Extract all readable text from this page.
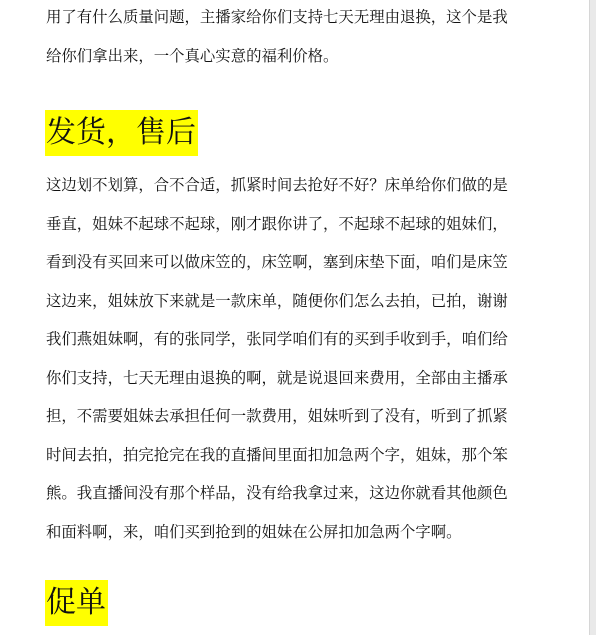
用了有什么质量问题，主播家给你们支持七天无理由退换，这个是我
给你们拿出来，一个真心实意的福利价格。
发货，售后
这边划不划算，合不合适，抓紧时间去抢好不好？床单给你们做的是
垂直，姐妹不起球不起球，刚才跟你讲了，不起球不起球的姐妹们，
看到没有买回来可以做床笠的，床笠啊，塞到床垫下面，咱们是床笠
这边来，姐妹放下来就是一款床单，随便你们怎么去拍，已拍，谢谢
我们燕姐妹啊，有的张同学，张同学咱们有的买到手收到手，咱们给
你们支持，七天无理由退换的啊，就是说退回来费用，全部由主播承
担，不需要姐妹去承担任何一款费用，姐妹听到了没有，听到了抓紧
时间去拍，拍完抢完在我的直播间里面扣加急两个字，姐妹，那个笨
熊。我直播间没有那个样品，没有给我拿过来，这边你就看其他颜色
和面料啊，来，咱们买到抢到的姐妹在公屏扣加急两个字啊。
促单
